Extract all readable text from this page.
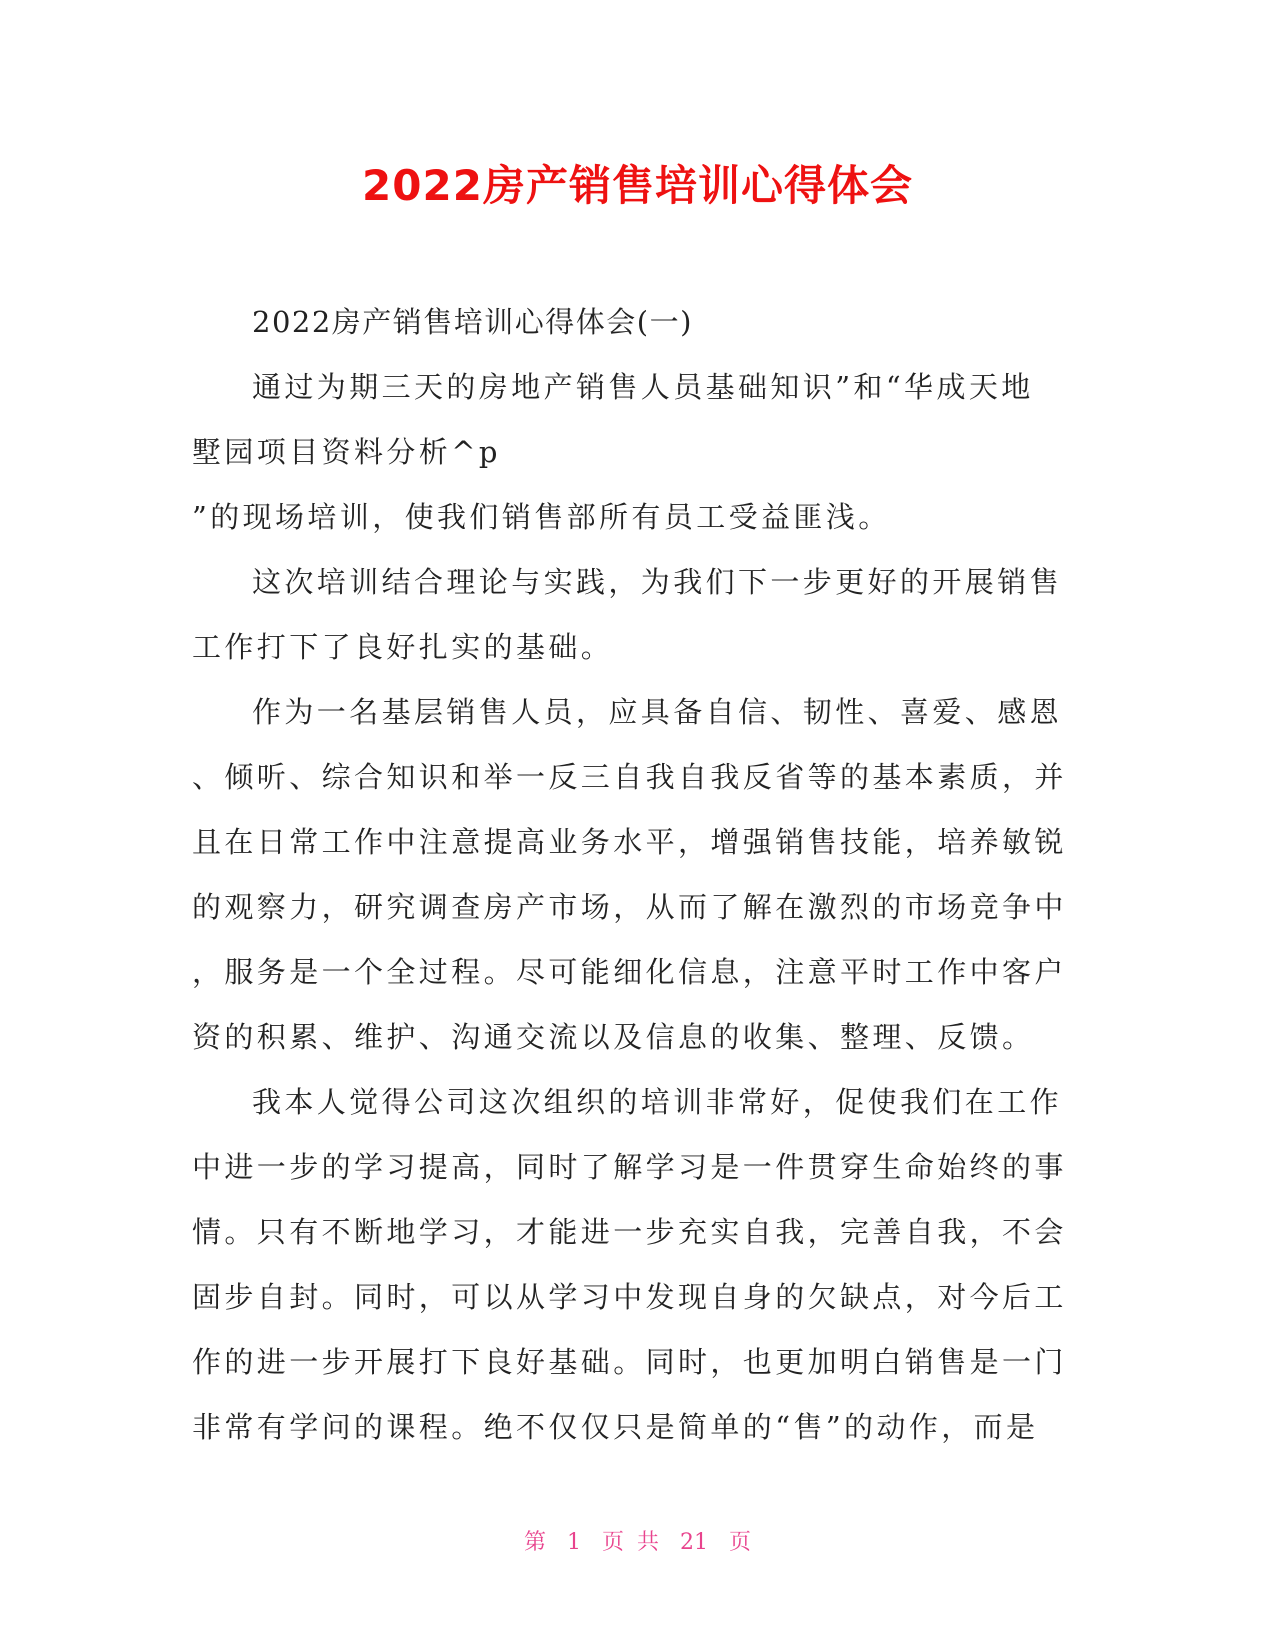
2022房产销售培训心得体会
2022房产销售培训心得体会(一)
通过为期三天的房地产销售人员基础知识”和“华成天地
墅园项目资料分析^p
”的现场培训，使我们销售部所有员工受益匪浅。
这次培训结合理论与实践，为我们下一步更好的开展销售
工作打下了良好扎实的基础。
作为一名基层销售人员，应具备自信、韧性、喜爱、感恩
、倾听、综合知识和举一反三自我自我反省等的基本素质，并
且在日常工作中注意提高业务水平，增强销售技能，培养敏锐
的观察力，研究调查房产市场，从而了解在激烈的市场竞争中
，服务是一个全过程。尽可能细化信息，注意平时工作中客户
资的积累、维护、沟通交流以及信息的收集、整理、反馈。
我本人觉得公司这次组织的培训非常好，促使我们在工作
中进一步的学习提高，同时了解学习是一件贯穿生命始终的事
情。只有不断地学习，才能进一步充实自我，完善自我，不会
固步自封。同时，可以从学习中发现自身的欠缺点，对今后工
作的进一步开展打下良好基础。同时，也更加明白销售是一门
非常有学问的课程。绝不仅仅只是简单的“售”的动作，而是
第 1 页 共 21 页
